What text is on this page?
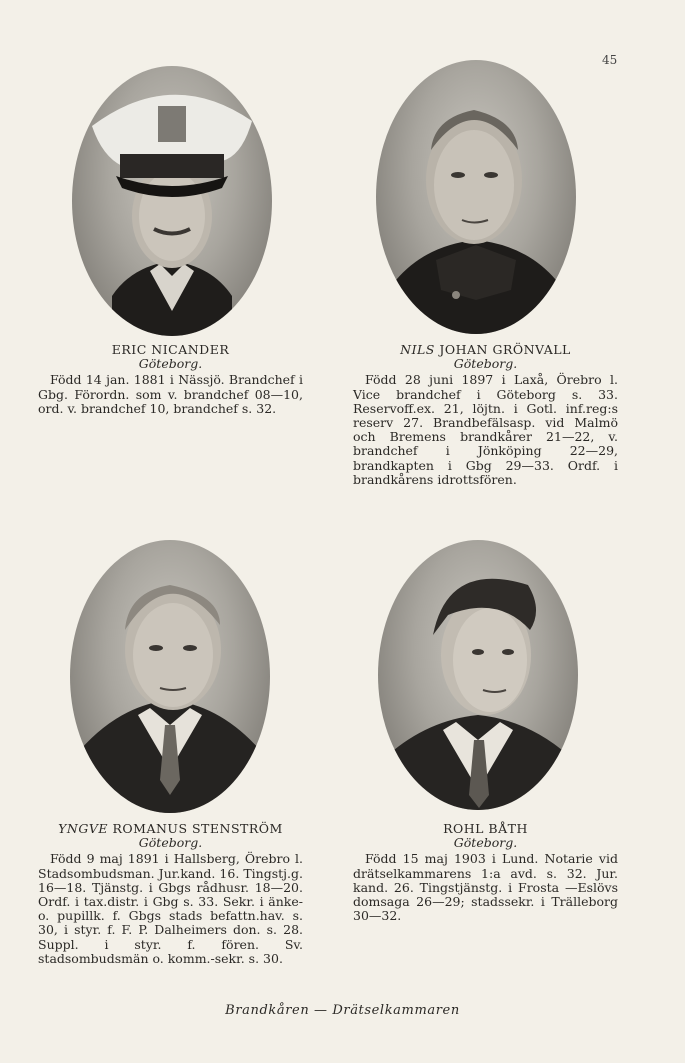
45
ERIC NICANDER
Göteborg.
Född 14 jan. 1881 i Nässjö. Brandchef i Gbg. Förordn. som v. brandchef 08—10, ord. v. brandchef 10, brandchef s. 32.
NILS JOHAN GRÖNVALL
Göteborg.
Född 28 juni 1897 i Laxå, Örebro l. Vice brandchef i Göteborg s. 33. Reservoff.ex. 21, löjtn. i Gotl. inf.reg:s reserv 27. Brandbefälsasp. vid Malmö och Bremens brandkårer 21—22, v. brandchef i Jönköping 22—29, brandkapten i Gbg 29—33. Ordf. i brandkårens idrottsfören.
YNGVE ROMANUS STENSTRÖM
Göteborg.
Född 9 maj 1891 i Hallsberg, Örebro l. Stadsombudsman. Jur.kand. 16. Tingstj.g. 16—18. Tjänstg. i Gbgs rådhusr. 18—20. Ordf. i tax.distr. i Gbg s. 33. Sekr. i änke- o. pupillk. f. Gbgs stads befattn.hav. s. 30, i styr. f. F. P. Dalheimers don. s. 28. Suppl. i styr. f. fören. Sv. stadsombudsmän o. komm.-sekr. s. 30.
ROHL BÅTH
Göteborg.
Född 15 maj 1903 i Lund. Notarie vid drätselkammarens 1:a avd. s. 32. Jur. kand. 26. Tingstjänstg. i Frosta —Eslövs domsaga 26—29; stadssekr. i Trälleborg 30—32.
Brandkåren — Drätselkammaren
